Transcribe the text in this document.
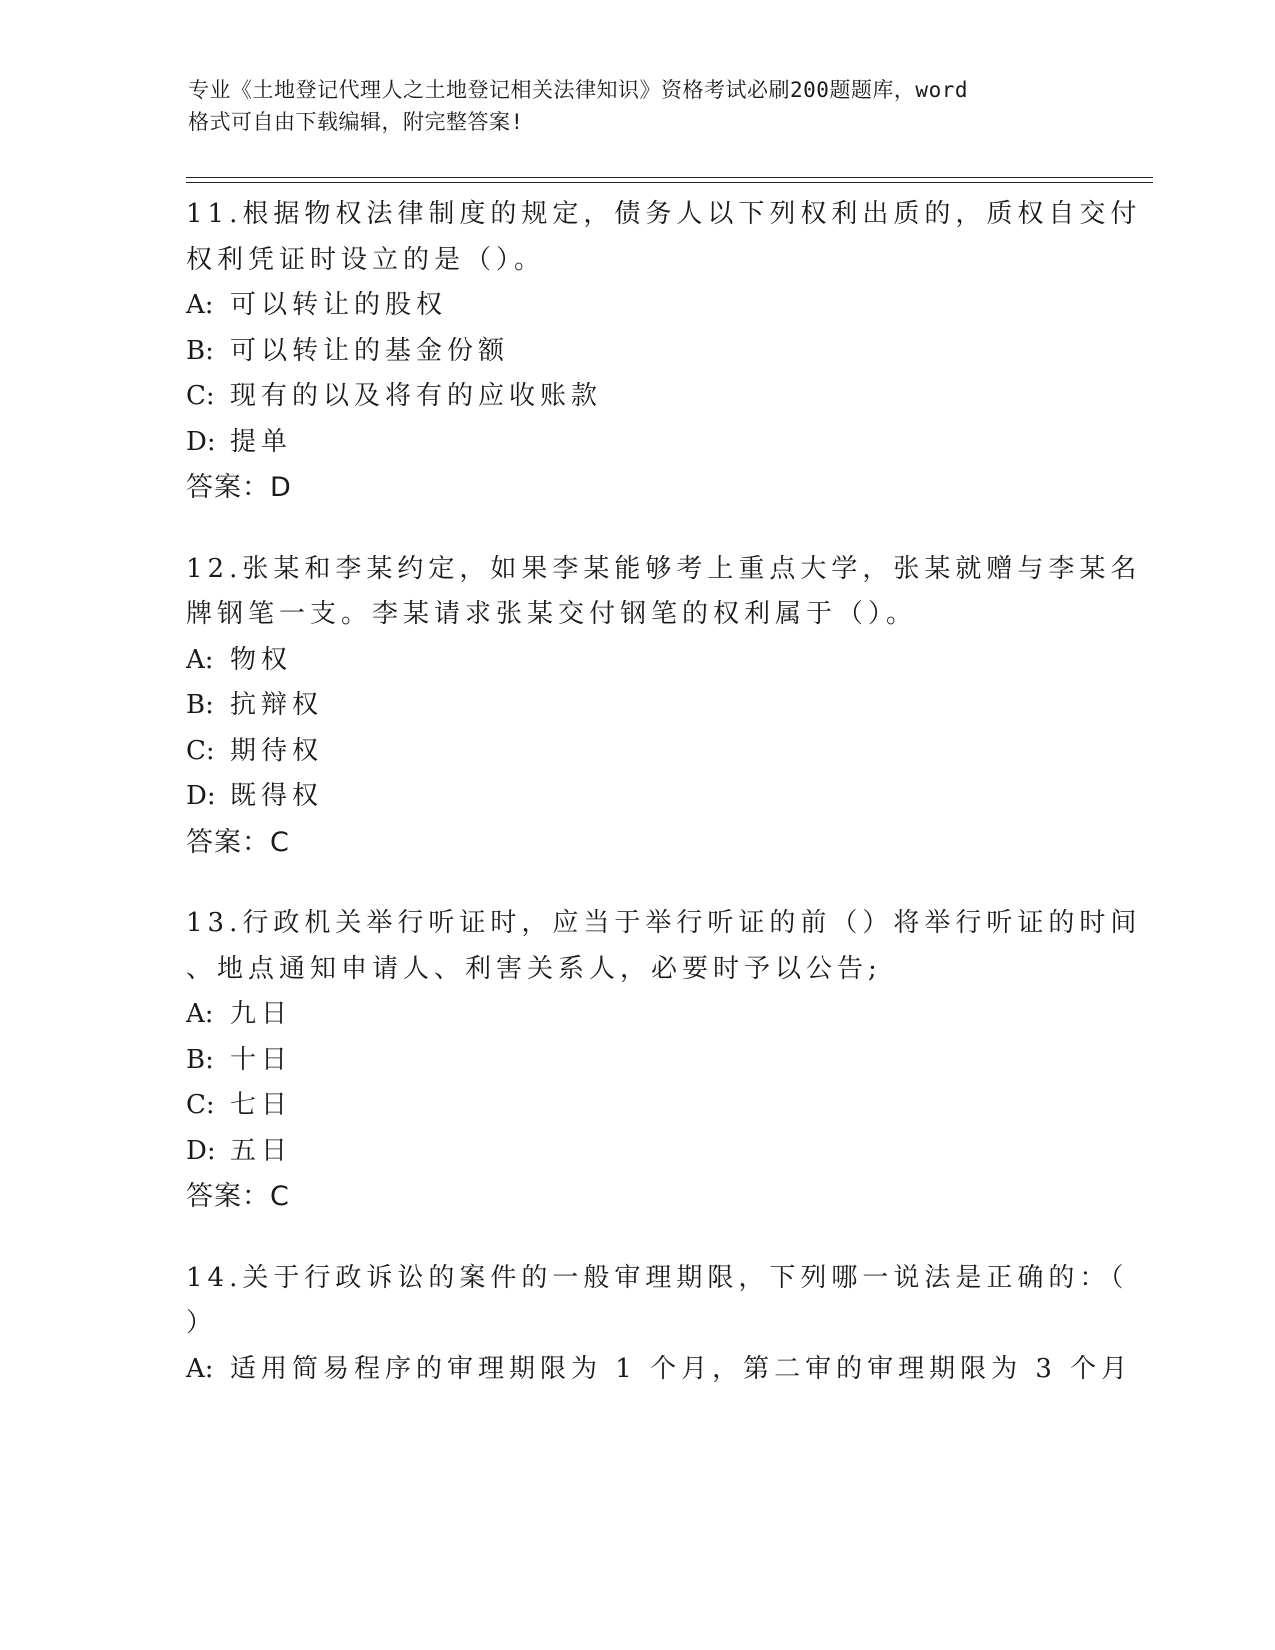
专业《土地登记代理人之土地登记相关法律知识》资格考试必刷200题题库，word
格式可自由下载编辑，附完整答案!
11.根据物权法律制度的规定，债务人以下列权利出质的，质权自交付
权利凭证时设立的是（）。
A: 可以转让的股权
B: 可以转让的基金份额
C: 现有的以及将有的应收账款
D: 提单
答案：D
12.张某和李某约定，如果李某能够考上重点大学，张某就赠与李某名
牌钢笔一支。李某请求张某交付钢笔的权利属于（）。
A: 物权
B: 抗辩权
C: 期待权
D: 既得权
答案：C
13.行政机关举行听证时，应当于举行听证的前（）将举行听证的时间
、地点通知申请人、利害关系人，必要时予以公告;
A: 九日
B: 十日
C: 七日
D: 五日
答案：C
14.关于行政诉讼的案件的一般审理期限，下列哪一说法是正确的：（
）
A: 适用简易程序的审理期限为 1 个月，第二审的审理期限为 3 个月
